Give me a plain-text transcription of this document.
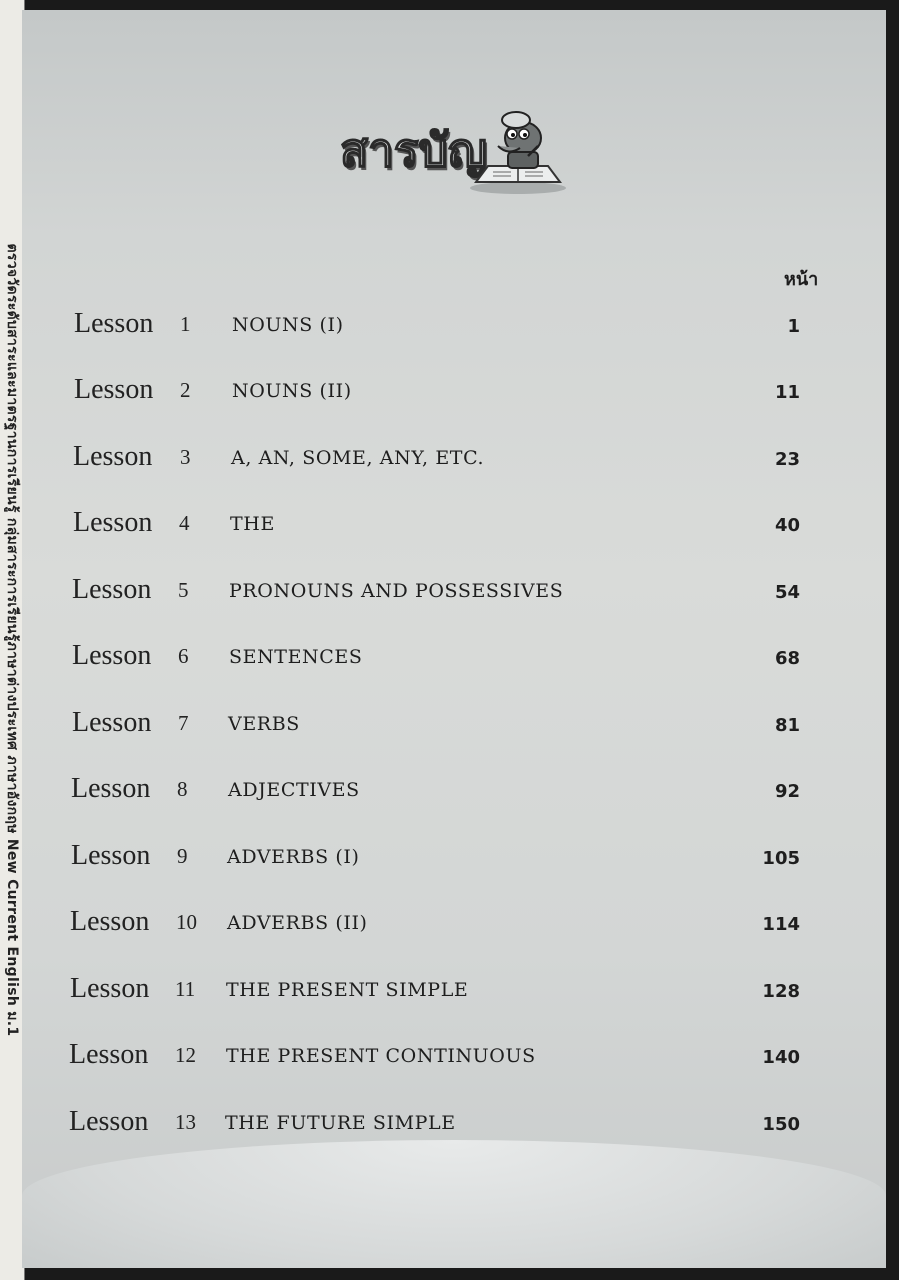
ตรวจวัดระดับสาระและมาตรฐานการเรียนรู้ กลุ่มสาระการเรียนรู้ภาษาต่างประเทศ ภาษาอังกฤษ New Current English ม.1
สารบัญ
หน้า
Lesson 1 NOUNS (I)	1
Lesson 2 NOUNS (II)	11
Lesson 3 A, AN, SOME, ANY, ETC.	23
Lesson 4 THE	40
Lesson 5 PRONOUNS AND POSSESSIVES	54
Lesson 6 SENTENCES	68
Lesson 7 VERBS	81
Lesson 8 ADJECTIVES	92
Lesson 9 ADVERBS (I)	105
Lesson 10 ADVERBS (II)	114
Lesson 11 THE PRESENT SIMPLE	128
Lesson 12 THE PRESENT CONTINUOUS	140
Lesson 13 THE FUTURE SIMPLE	150
